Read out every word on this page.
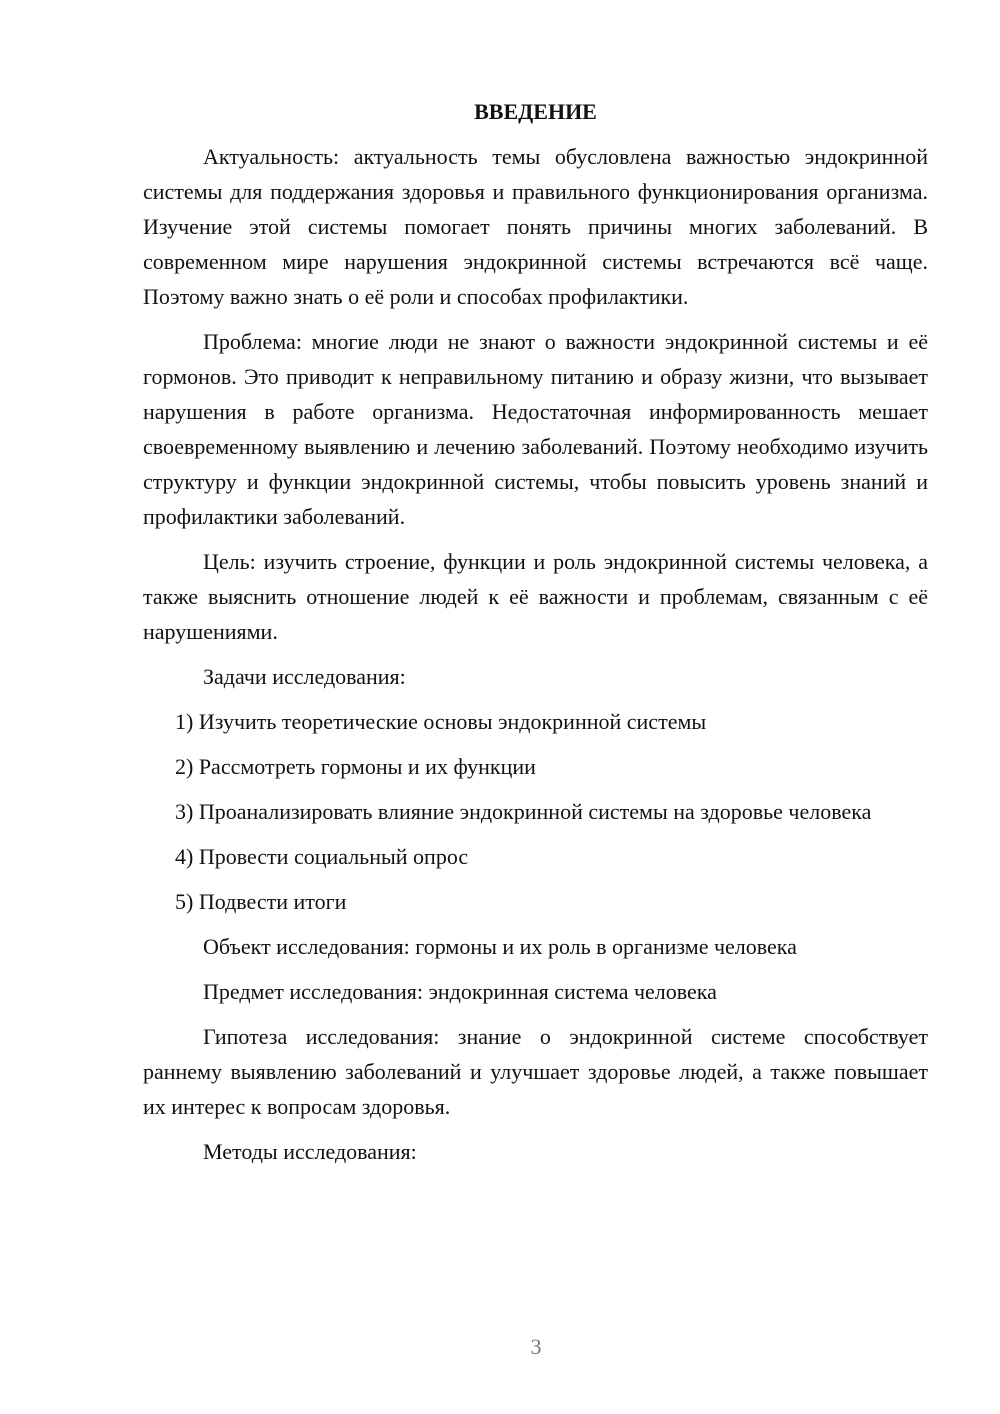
ВВЕДЕНИЕ

Актуальность: актуальность темы обусловлена важностью эндокринной системы для поддержания здоровья и правильного функционирования организма. Изучение этой системы помогает понять причины многих заболеваний. В современном мире нарушения эндокринной системы встречаются всё чаще. Поэтому важно знать о её роли и способах профилактики.

Проблема: многие люди не знают о важности эндокринной системы и её гормонов. Это приводит к неправильному питанию и образу жизни, что вызывает нарушения в работе организма. Недостаточная информированность мешает своевременному выявлению и лечению заболеваний. Поэтому необходимо изучить структуру и функции эндокринной системы, чтобы повысить уровень знаний и профилактики заболеваний.

Цель: изучить строение, функции и роль эндокринной системы человека, а также выяснить отношение людей к её важности и проблемам, связанным с её нарушениями.

Задачи исследования:

1) Изучить теоретические основы эндокринной системы

2) Рассмотреть гормоны и их функции

3) Проанализировать влияние эндокринной системы на здоровье человека

4) Провести социальный опрос

5) Подвести итоги

Объект исследования: гормоны и их роль в организме человека

Предмет исследования: эндокринная система человека

Гипотеза исследования: знание о эндокринной системе способствует раннему выявлению заболеваний и улучшает здоровье людей, а также повышает их интерес к вопросам здоровья.

Методы исследования:

3
